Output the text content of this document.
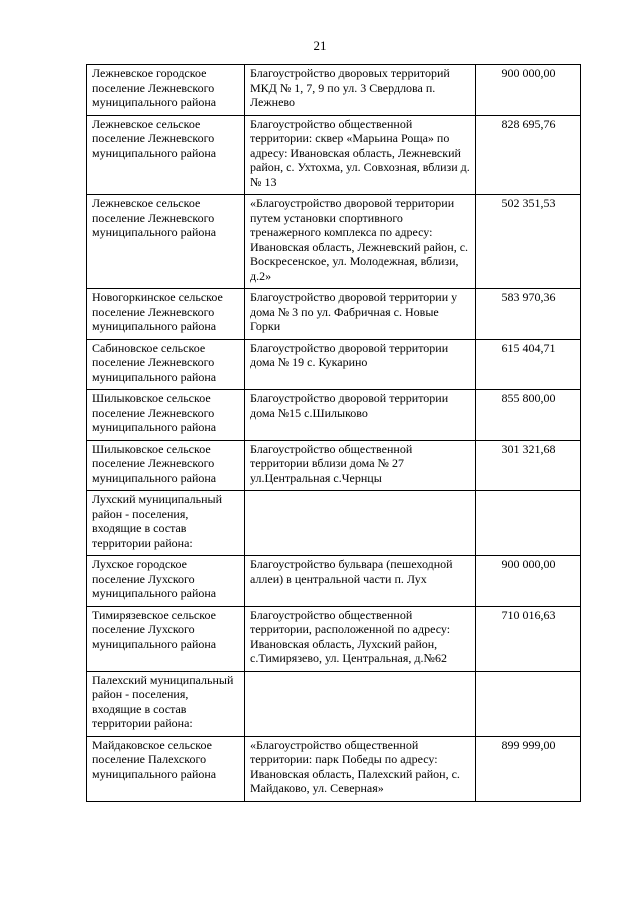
21
Лежневское городское поселение Лежневского муниципального района	Благоустройство дворовых территорий МКД № 1, 7, 9 по ул. 3 Свердлова п. Лежнево	900 000,00
Лежневское сельское поселение Лежневского муниципального района	Благоустройство общественной территории: сквер «Марьина Роща» по адресу: Ивановская область, Лежневский район, с. Ухтохма, ул. Совхозная, вблизи д. № 13	828 695,76
Лежневское сельское поселение Лежневского муниципального района	«Благоустройство дворовой территории путем установки спортивного тренажерного комплекса по адресу: Ивановская область, Лежневский район, с. Воскресенское, ул. Молодежная, вблизи, д.2»	502 351,53
Новогоркинское сельское поселение Лежневского муниципального района	Благоустройство дворовой территории у дома № 3 по ул. Фабричная с. Новые Горки	583 970,36
Сабиновское сельское поселение Лежневского муниципального района	Благоустройство дворовой территории дома № 19 с. Кукарино	615 404,71
Шилыковское сельское поселение Лежневского муниципального района	Благоустройство дворовой территории дома №15 с.Шилыково	855 800,00
Шилыковское сельское поселение Лежневского муниципального района	Благоустройство общественной территории вблизи дома № 27 ул.Центральная с.Чернцы	301 321,68
Лухский муниципальный район - поселения, входящие в состав территории района:		
Лухское городское поселение Лухского муниципального района	Благоустройство бульвара (пешеходной аллеи) в центральной части п. Лух	900 000,00
Тимирязевское сельское поселение Лухского муниципального района	Благоустройство общественной территории, расположенной по адресу: Ивановская область, Лухский район, с.Тимирязево, ул. Центральная, д.№62	710 016,63
Палехский муниципальный район - поселения, входящие в состав территории района:		
Майдаковское сельское поселение Палехского муниципального района	«Благоустройство общественной территории: парк Победы по адресу: Ивановская область, Палехский район, с. Майдаково, ул. Северная»	899 999,00
